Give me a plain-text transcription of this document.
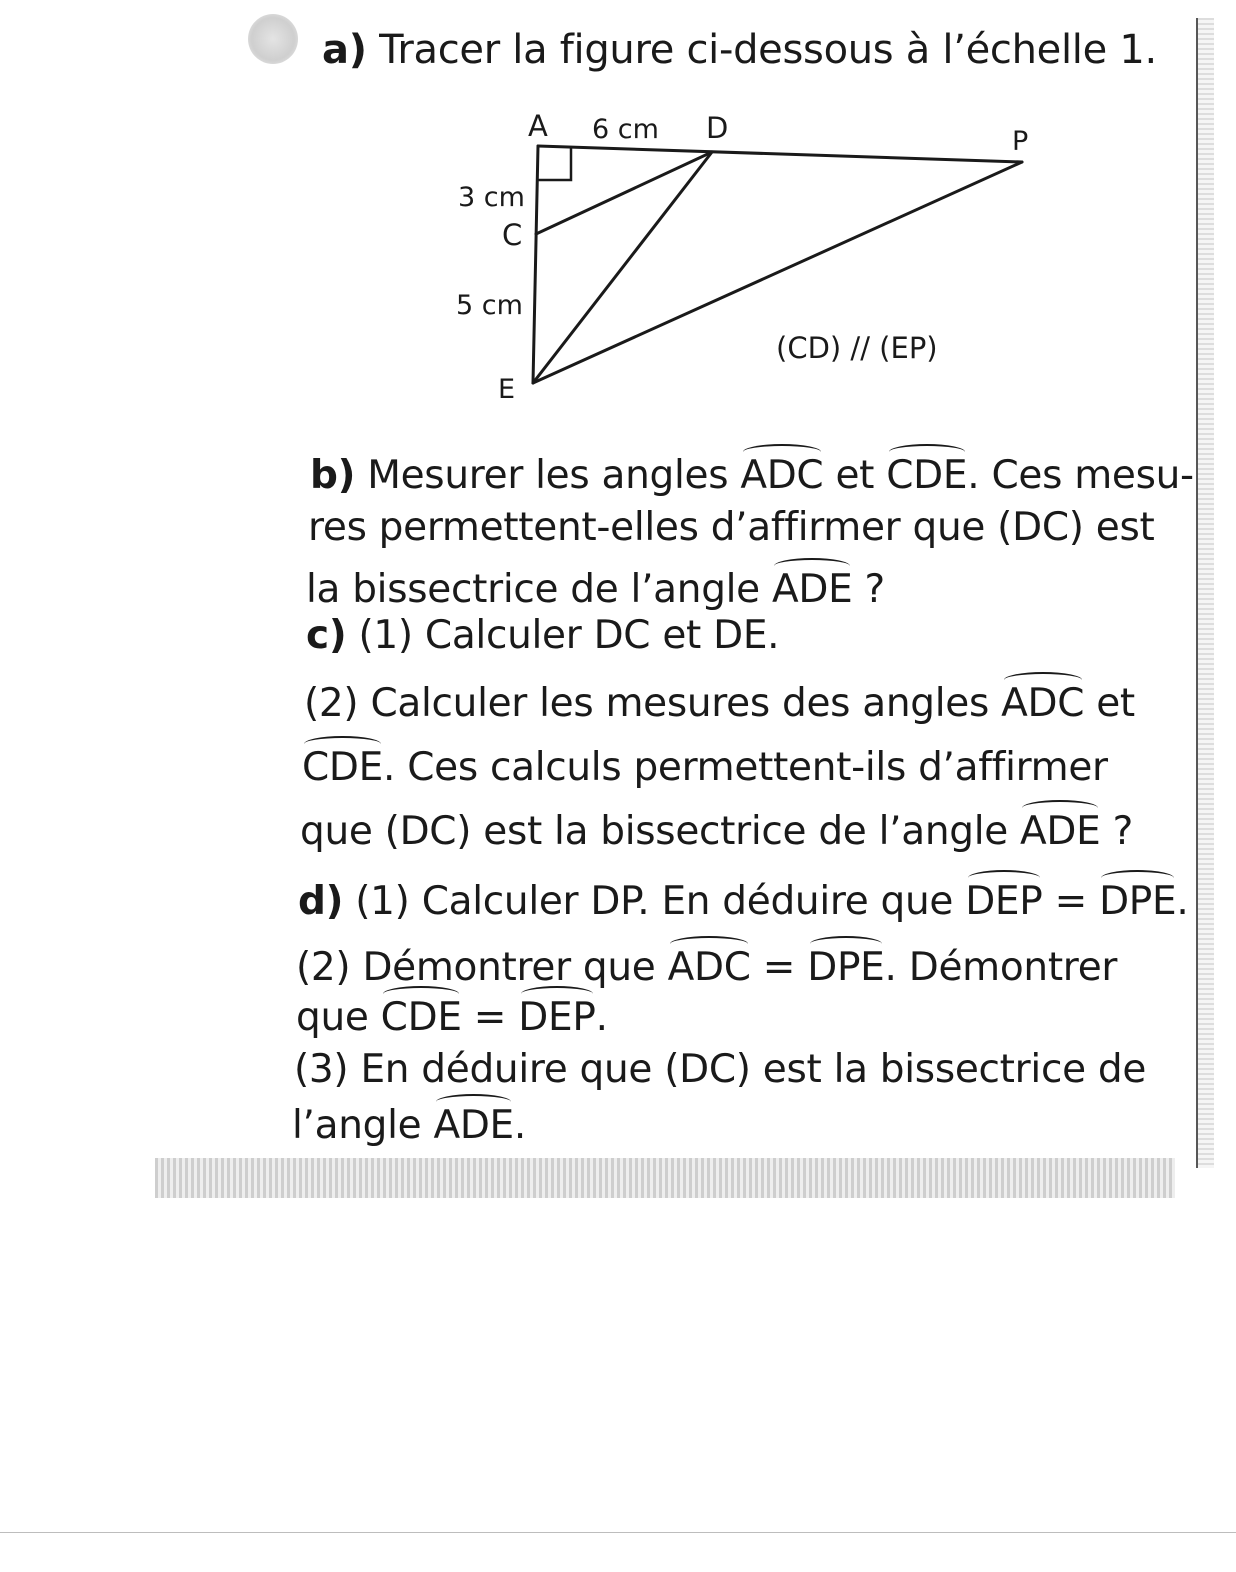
a) Tracer la figure ci-dessous à l’échelle 1.
A 6 cm D	P
3 cm
C
5 cm
(CD) // (EP)
E
b) Mesurer les angles ADC et CDE. Ces mesu-
res permettent-elles d’affirmer que (DC) est
la bissectrice de l’angle ADE ?
c) (1) Calculer DC et DE.
(2) Calculer les mesures des angles ADC et
CDE. Ces calculs permettent-ils d’affirmer
que (DC) est la bissectrice de l’angle ADE ?
d) (1) Calculer DP. En déduire que DEP = DPE.
(2) Démontrer que ADC = DPE. Démontrer
que CDE = DEP.
(3) En déduire que (DC) est la bissectrice de
l’angle ADE.
